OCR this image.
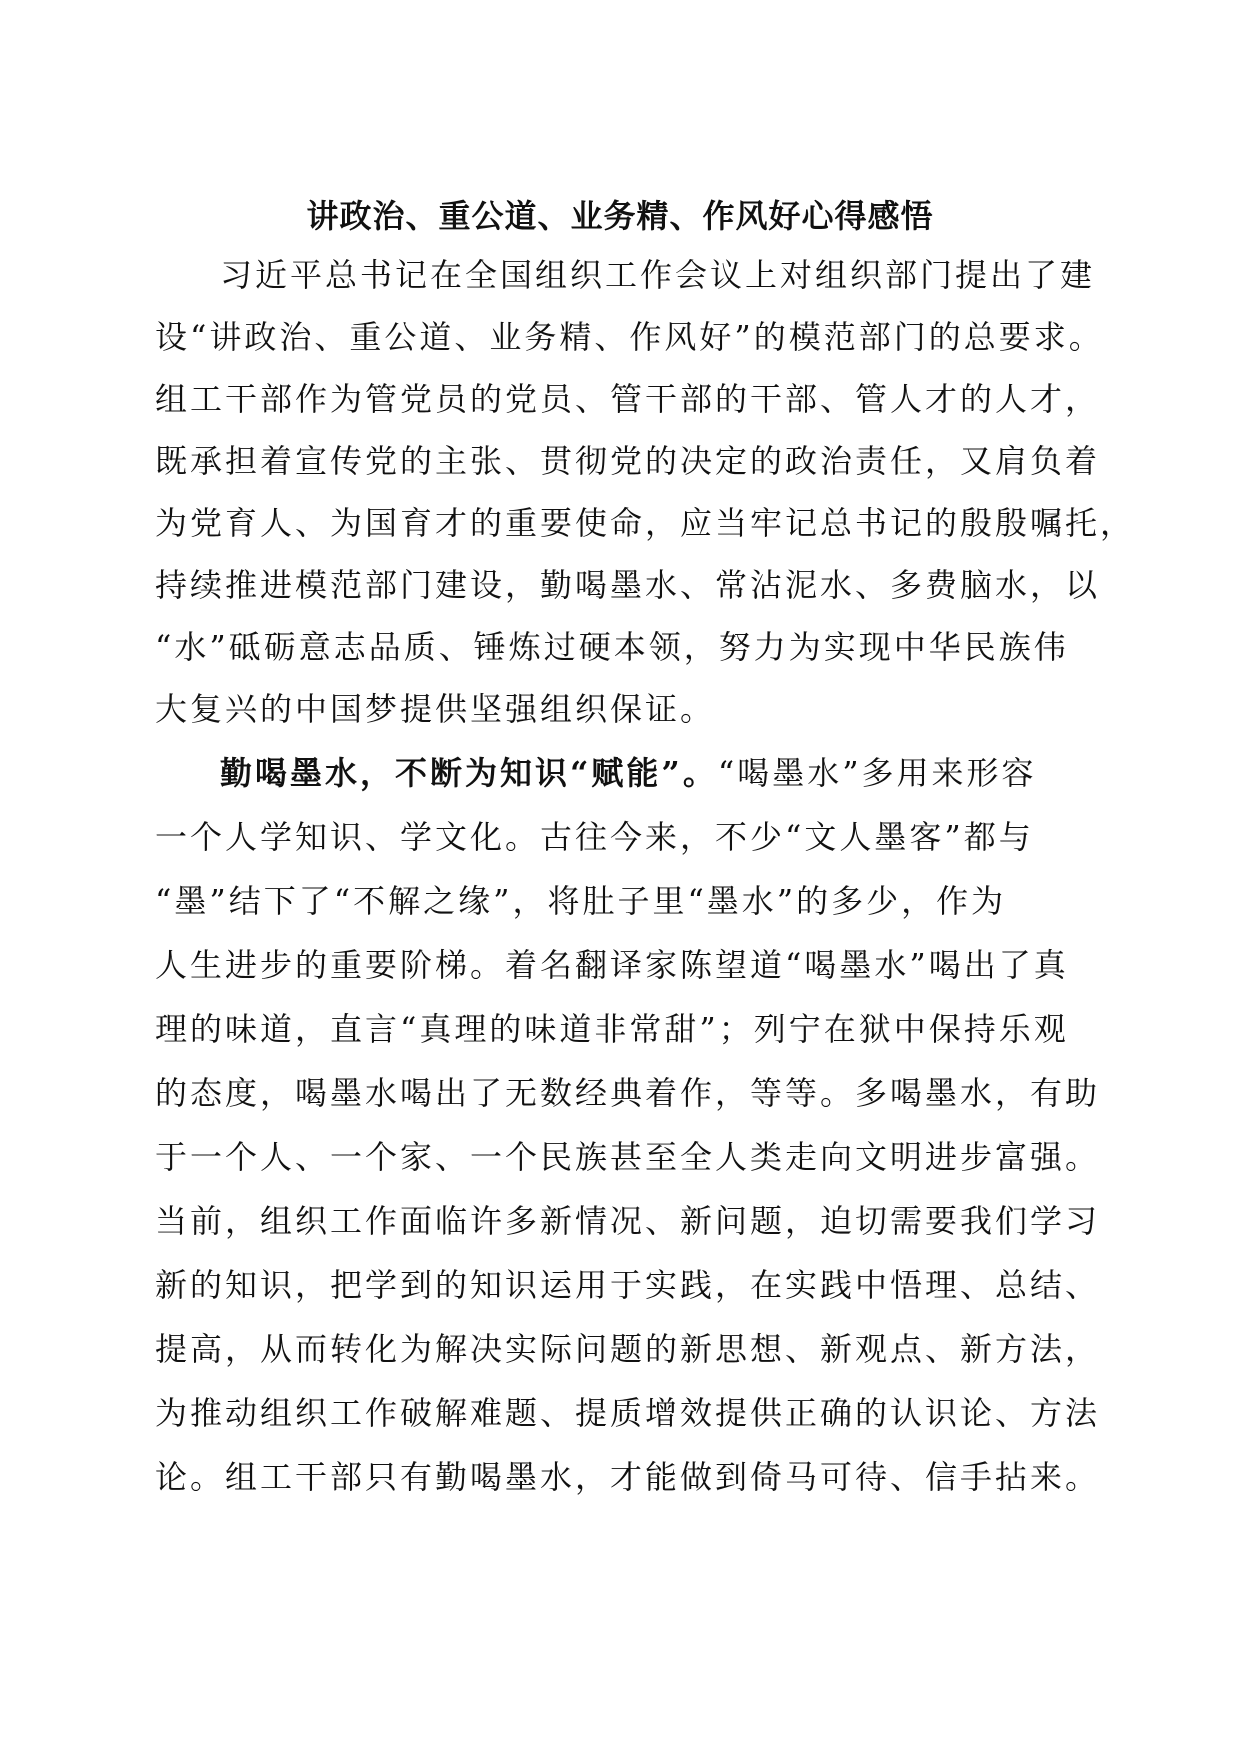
讲政治、重公道、业务精、作风好心得感悟

习近平总书记在全国组织工作会议上对组织部门提出了建

设“讲政治、重公道、业务精、作风好”的模范部门的总要求。

组工干部作为管党员的党员、管干部的干部、管人才的人才，

既承担着宣传党的主张、贯彻党的决定的政治责任，又肩负着

为党育人、为国育才的重要使命，应当牢记总书记的殷殷嘱托，

持续推进模范部门建设，勤喝墨水、常沾泥水、多费脑水，以

“水”砥砺意志品质、锤炼过硬本领，努力为实现中华民族伟

大复兴的中国梦提供坚强组织保证。

勤喝墨水，不断为知识“赋能”。“喝墨水”多用来形容

一个人学知识、学文化。古往今来，不少“文人墨客”都与

“墨”结下了“不解之缘”，将肚子里“墨水”的多少，作为

人生进步的重要阶梯。着名翻译家陈望道“喝墨水”喝出了真

理的味道，直言“真理的味道非常甜”；列宁在狱中保持乐观

的态度，喝墨水喝出了无数经典着作，等等。多喝墨水，有助

于一个人、一个家、一个民族甚至全人类走向文明进步富强。

当前，组织工作面临许多新情况、新问题，迫切需要我们学习

新的知识，把学到的知识运用于实践，在实践中悟理、总结、

提高，从而转化为解决实际问题的新思想、新观点、新方法，

为推动组织工作破解难题、提质增效提供正确的认识论、方法

论。组工干部只有勤喝墨水，才能做到倚马可待、信手拈来。
